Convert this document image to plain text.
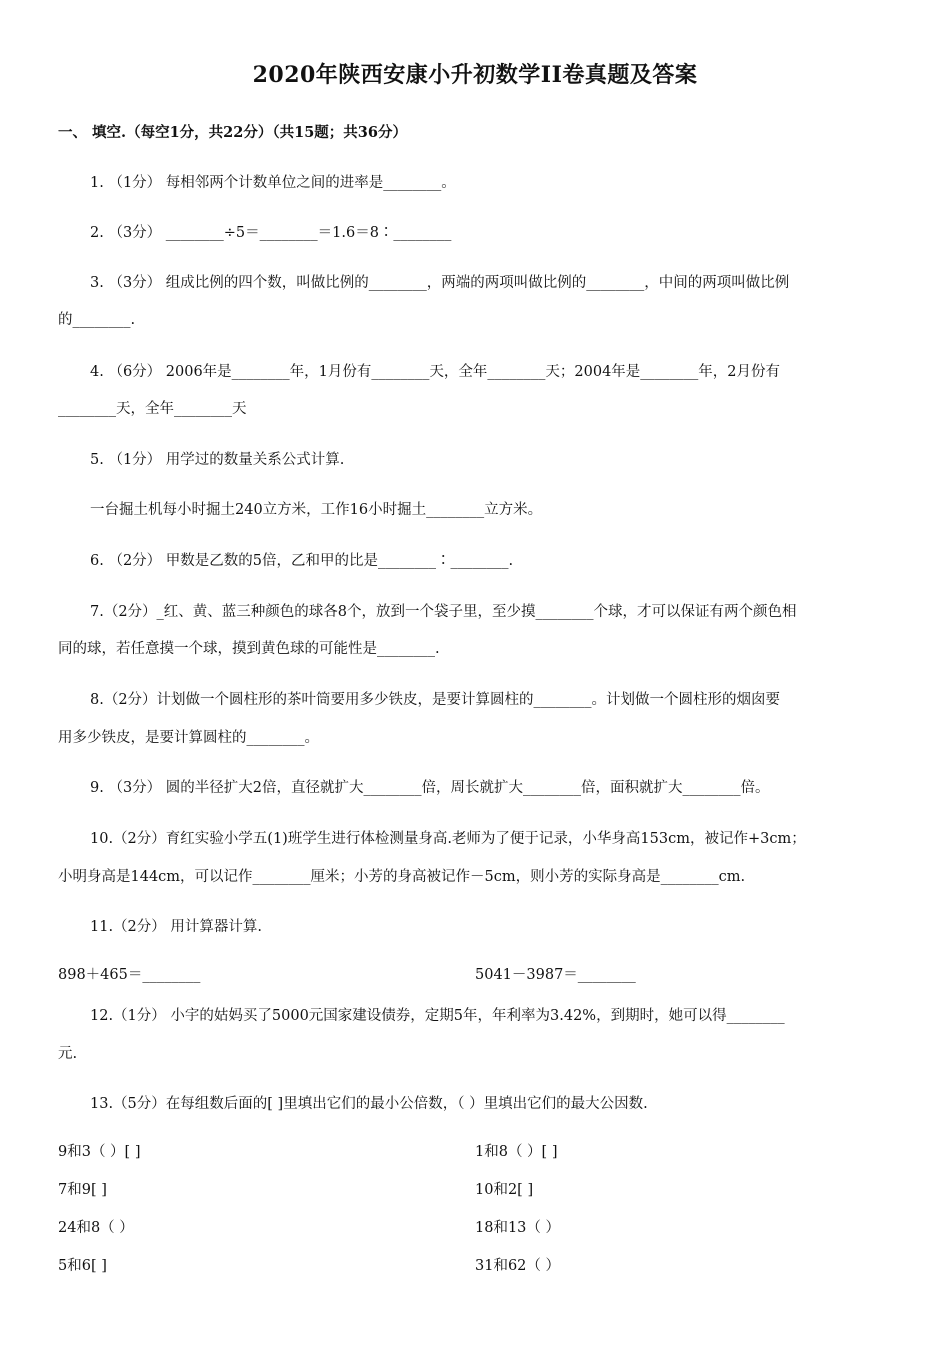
2020年陕西安康小升初数学II卷真题及答案
一、 填空.（每空1分，共22分）（共15题；共36分）
1. （1分） 每相邻两个计数单位之间的进率是________。
2. （3分） ________÷5＝________＝1.6＝8∶________
3. （3分） 组成比例的四个数，叫做比例的________，两端的两项叫做比例的________，中间的两项叫做比例
的________.
4. （6分） 2006年是________年，1月份有________天，全年________天；2004年是________年，2月份有
________天，全年________天
5. （1分） 用学过的数量关系公式计算.
一台掘土机每小时掘土240立方米，工作16小时掘土________立方米。
6. （2分） 甲数是乙数的5倍，乙和甲的比是________∶________.
7.（2分）_红、黄、蓝三种颜色的球各8个，放到一个袋子里，至少摸________个球，才可以保证有两个颜色相
同的球，若任意摸一个球，摸到黄色球的可能性是________.
8.（2分）计划做一个圆柱形的茶叶筒要用多少铁皮，是要计算圆柱的________。计划做一个圆柱形的烟囱要
用多少铁皮，是要计算圆柱的________。
9. （3分） 圆的半径扩大2倍，直径就扩大________倍，周长就扩大________倍，面积就扩大________倍。
10.（2分）育红实验小学五(1)班学生进行体检测量身高.老师为了便于记录，小华身高153cm，被记作+3cm；
小明身高是144cm，可以记作________厘米；小芳的身高被记作－5cm，则小芳的实际身高是________cm.
11.（2分） 用计算器计算.
898＋465＝________	5041－3987＝________
12.（1分） 小宇的姑妈买了5000元国家建设债券，定期5年，年利率为3.42%，到期时，她可以得________
元.
13.（5分）在每组数后面的[ ]里填出它们的最小公倍数，（ ）里填出它们的最大公因数.
9和3（ ）[ ]	1和8（ ）[ ]
7和9[ ]	10和2[ ]
24和8（ ）	18和13（ ）
5和6[ ]	31和62（ ）
